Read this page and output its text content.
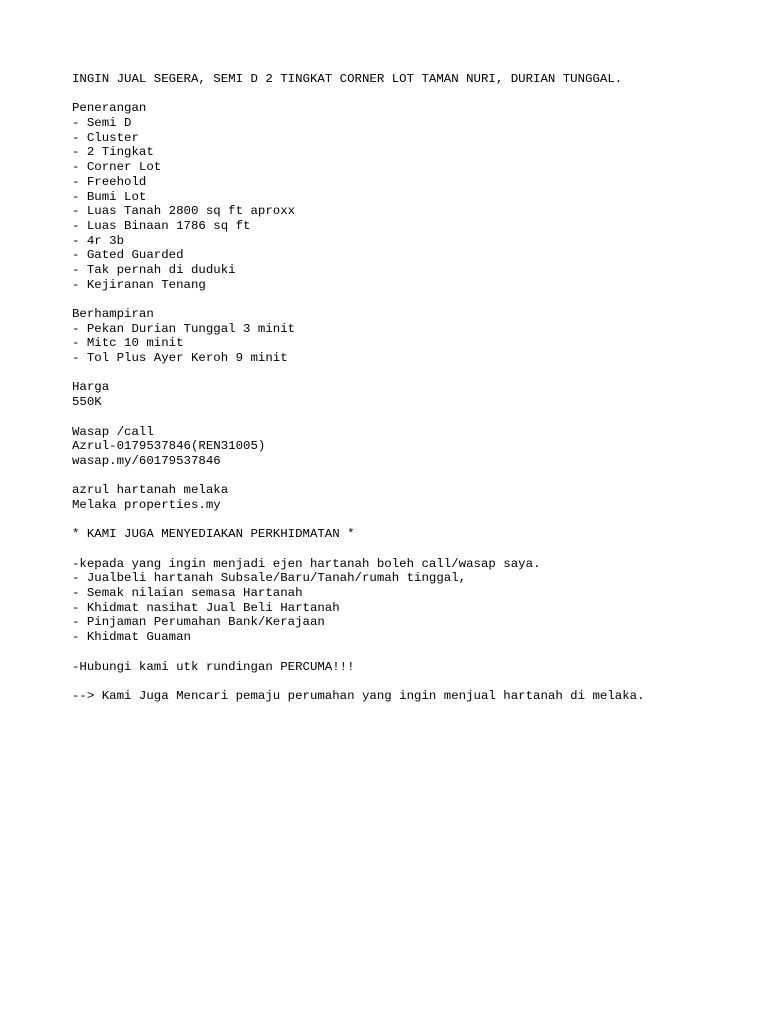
INGIN JUAL SEGERA, SEMI D 2 TINGKAT CORNER LOT TAMAN NURI, DURIAN TUNGGAL.
Penerangan
- Semi D
- Cluster
- 2 Tingkat
- Corner Lot
- Freehold
- Bumi Lot
- Luas Tanah 2800 sq ft aproxx
- Luas Binaan 1786 sq ft
- 4r 3b
- Gated Guarded
- Tak pernah di duduki
- Kejiranan Tenang
Berhampiran
- Pekan Durian Tunggal 3 minit
- Mitc 10 minit
- Tol Plus Ayer Keroh 9 minit
Harga
550K
Wasap /call
Azrul-0179537846(REN31005)
wasap.my/60179537846
azrul hartanah melaka
Melaka properties.my
* KAMI JUGA MENYEDIAKAN PERKHIDMATAN *
-kepada yang ingin menjadi ejen hartanah boleh call/wasap saya.
- Jualbeli hartanah Subsale/Baru/Tanah/rumah tinggal,
- Semak nilaian semasa Hartanah
- Khidmat nasihat Jual Beli Hartanah
- Pinjaman Perumahan Bank/Kerajaan
- Khidmat Guaman
-Hubungi kami utk rundingan PERCUMA!!!
--> Kami Juga Mencari pemaju perumahan yang ingin menjual hartanah di melaka.
